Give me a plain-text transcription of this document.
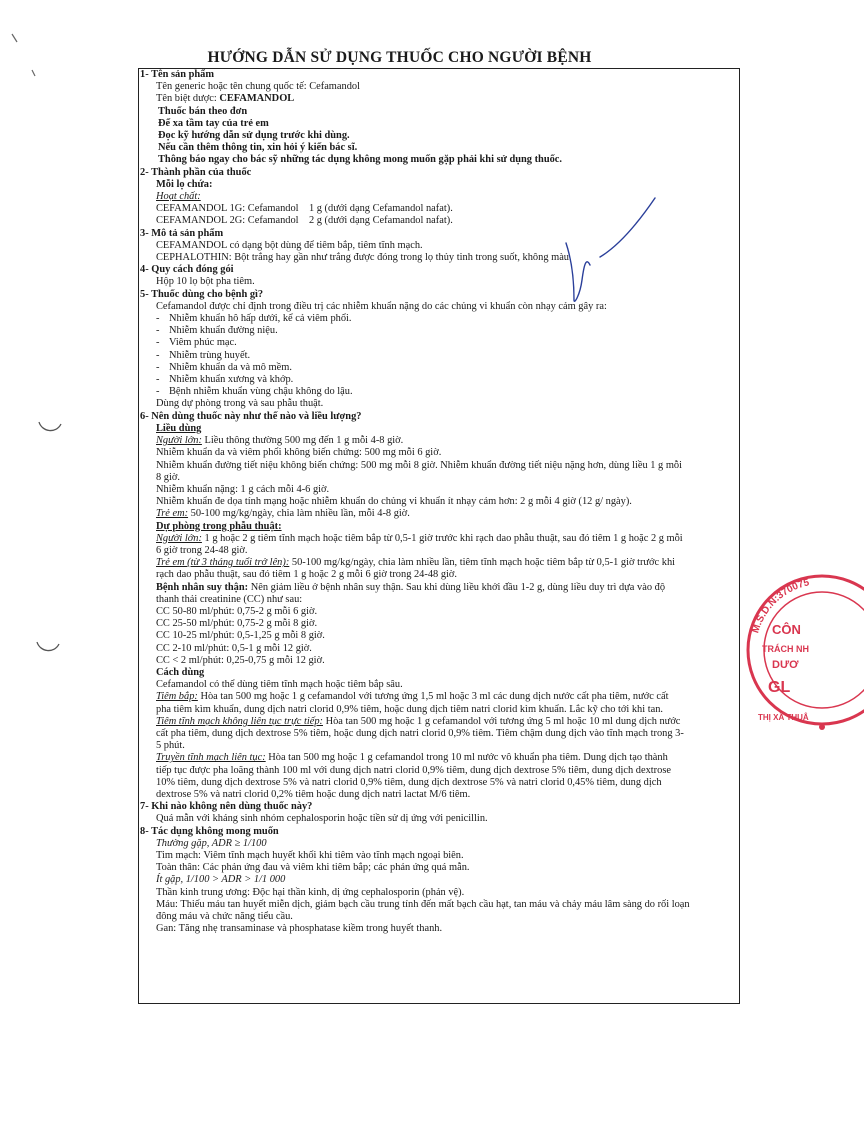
HƯỚNG DẪN SỬ DỤNG THUỐC CHO NGƯỜI BỆNH
1- Tên sản phẩm
Tên generic hoặc tên chung quốc tế: Cefamandol
Tên biệt dược: CEFAMANDOL
Thuốc bán theo đơn
Để xa tầm tay của trẻ em
Đọc kỹ hướng dẫn sử dụng trước khi dùng.
Nếu cần thêm thông tin, xin hỏi ý kiến bác sĩ.
Thông báo ngay cho bác sỹ những tác dụng không mong muốn gặp phải khi sử dụng thuốc.
2- Thành phần của thuốc
Mỗi lọ chứa:
Hoạt chất:
CEFAMANDOL 1G: Cefamandol    1 g (dưới dạng Cefamandol nafat).
CEFAMANDOL 2G: Cefamandol    2 g (dưới dạng Cefamandol nafat).
3- Mô tả sản phẩm
CEFAMANDOL có dạng bột dùng để tiêm bắp, tiêm tĩnh mạch.
CEPHALOTHIN: Bột trắng hay gần như trắng được đóng trong lọ thủy tinh trong suốt, không màu.
4- Quy cách đóng gói
Hộp 10 lọ bột pha tiêm.
5- Thuốc dùng cho bệnh gì?
Cefamandol được chỉ định trong điều trị các nhiễm khuẩn nặng do các chủng vi khuẩn còn nhạy cảm gây ra:
- Nhiễm khuẩn hô hấp dưới, kể cả viêm phổi.
- Nhiễm khuẩn đường niệu.
- Viêm phúc mạc.
- Nhiễm trùng huyết.
- Nhiễm khuẩn da và mô mềm.
- Nhiễm khuẩn xương và khớp.
- Bệnh nhiễm khuẩn vùng chậu không do lậu.
Dùng dự phòng trong và sau phẫu thuật.
6- Nên dùng thuốc này như thế nào và liều lượng?
Liều dùng
Người lớn: Liều thông thường 500 mg đến 1 g mỗi 4-8 giờ.
Nhiễm khuẩn da và viêm phổi không biến chứng: 500 mg mỗi 6 giờ.
Nhiễm khuẩn đường tiết niệu không biến chứng: 500 mg mỗi 8 giờ. Nhiễm khuẩn đường tiết niệu nặng hơn, dùng liều 1 g mỗi
8 giờ.
Nhiễm khuẩn nặng: 1 g cách mỗi 4-6 giờ.
Nhiễm khuẩn đe dọa tính mạng hoặc nhiễm khuẩn do chủng vi khuẩn ít nhạy cảm hơn: 2 g mỗi 4 giờ (12 g/ ngày).
Trẻ em: 50-100 mg/kg/ngày, chia làm nhiều lần, mỗi 4-8 giờ.
Dự phòng trong phẫu thuật:
Người lớn: 1 g hoặc 2 g tiêm tĩnh mạch hoặc tiêm bắp từ 0,5-1 giờ trước khi rạch dao phẫu thuật, sau đó tiêm 1 g hoặc 2 g mỗi
6 giờ trong 24-48 giờ.
Trẻ em (từ 3 tháng tuổi trở lên): 50-100 mg/kg/ngày, chia làm nhiều lần, tiêm tĩnh mạch hoặc tiêm bắp từ 0,5-1 giờ trước khi
rạch dao phẫu thuật, sau đó tiêm 1 g hoặc 2 g mỗi 6 giờ trong 24-48 giờ.
Bệnh nhân suy thận: Nên giảm liều ở bệnh nhân suy thận. Sau khi dùng liều khởi đầu 1-2 g, dùng liều duy trì dựa vào độ
thanh thải creatinine (CC) như sau:
CC 50-80 ml/phút: 0,75-2 g mỗi 6 giờ.
CC 25-50 ml/phút: 0,75-2 g mỗi 8 giờ.
CC 10-25 ml/phút: 0,5-1,25 g mỗi 8 giờ.
CC 2-10 ml/phút: 0,5-1 g mỗi 12 giờ.
CC < 2 ml/phút: 0,25-0,75 g mỗi 12 giờ.
Cách dùng
Cefamandol có thể dùng tiêm tĩnh mạch hoặc tiêm bắp sâu.
Tiêm bắp: Hòa tan 500 mg hoặc 1 g cefamandol với tương ứng 1,5 ml hoặc 3 ml các dung dịch nước cất pha tiêm, nước cất
pha tiêm kìm khuẩn, dung dịch natri clorid 0,9% tiêm, hoặc dung dịch tiêm natri clorid kìm khuẩn. Lắc kỹ cho tới khi tan.
Tiêm tĩnh mạch không liên tục trực tiếp: Hòa tan 500 mg hoặc 1 g cefamandol với tương ứng 5 ml hoặc 10 ml dung dịch nước
cất pha tiêm, dung dịch dextrose 5% tiêm, hoặc dung dịch natri clorid 0,9% tiêm. Tiêm chậm dung dịch vào tĩnh mạch trong 3-
5 phút.
Truyền tĩnh mạch liên tục: Hòa tan 500 mg hoặc 1 g cefamandol trong 10 ml nước vô khuẩn pha tiêm. Dung dịch tạo thành
tiếp tục được pha loãng thành 100 ml với dung dịch natri clorid 0,9% tiêm, dung dịch dextrose 5% tiêm, dung dịch dextrose
10% tiêm, dung dịch dextrose 5% và natri clorid 0,9% tiêm, dung dịch dextrose 5% và natri clorid 0,45% tiêm, dung dịch
dextrose 5% và natri clorid 0,2% tiêm hoặc dung dịch natri lactat M/6 tiêm.
7- Khi nào không nên dùng thuốc này?
Quá mẫn với kháng sinh nhóm cephalosporin hoặc tiền sử dị ứng với penicillin.
8- Tác dụng không mong muốn
Thường gặp, ADR ≥ 1/100
Tim mạch: Viêm tĩnh mạch huyết khối khi tiêm vào tĩnh mạch ngoại biên.
Toàn thân: Các phản ứng đau và viêm khi tiêm bắp; các phản ứng quá mẫn.
Ít gặp, 1/100 > ADR > 1/1 000
Thần kinh trung ương: Độc hại thần kinh, dị ứng cephalosporin (phản vệ).
Máu: Thiếu máu tan huyết miễn dịch, giảm bạch cầu trung tính đến mất bạch cầu hạt, tan máu và chảy máu lâm sàng do rối loạn
đông máu và chức năng tiểu cầu.
Gan: Tăng nhẹ transaminase và phosphatase kiềm trong huyết thanh.
M.S.D.N:370075
CÔN
TRÁCH NH
DƯƠ
GL
THỊ XÃ THUẬ
